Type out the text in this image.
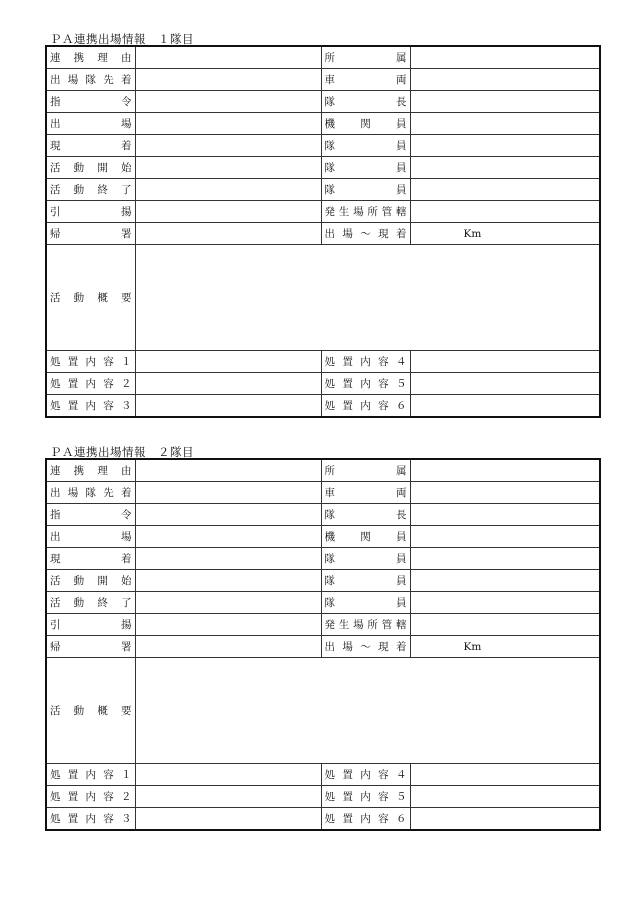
ＰＡ連携出場情報　１隊目
連携理由		所属	
出場隊先着		車両	
指令		隊長	
出場		機関員	
現着		隊員	
活動開始		隊員	
活動終了		隊員	
引揚		発生場所管轄	
帰署		出場～現着	Km
活動概要			
処置内容１		処置内容４	
処置内容２		処置内容５	
処置内容３		処置内容６	
ＰＡ連携出場情報　２隊目
連携理由		所属	
出場隊先着		車両	
指令		隊長	
出場		機関員	
現着		隊員	
活動開始		隊員	
活動終了		隊員	
引揚		発生場所管轄	
帰署		出場～現着	Km
活動概要			
処置内容１		処置内容４	
処置内容２		処置内容５	
処置内容３		処置内容６	
